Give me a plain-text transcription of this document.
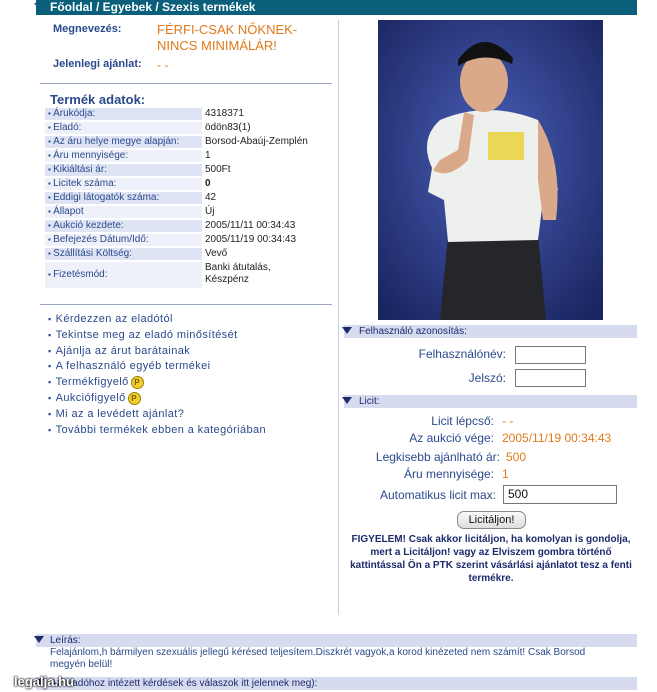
Főoldal / Egyebek / Szexis termékek
Megnevezés:	FÉRFI-CSAK NŐKNEK-
NINCS MINIMÁLÁR!
Jelenlegi ajánlat: - -
Termék adatok:
▪ Árukódja:	4318371
▪ Eladó:	ödön83(1)
▪ Az áru helye megye alapján:	Borsod-Abaúj-Zemplén
▪ Áru mennyisége:	1
▪ Kikiáltási ár:	500Ft
▪ Licitek száma:	0
▪ Eddigi látogatók száma:	42
▪ Állapot	Új
▪ Aukció kezdete:	2005/11/11 00:34:43
▪ Befejezés Dátum/Idő:	2005/11/19 00:34:43
▪ Szállítási Költség:	Vevő
▪ Fizetésmód:	Banki átutalás,
Készpénz
▪ Kérdezzen az eladótól
▪ Tekintse meg az eladó minősítését
▪ Ajánlja az árut barátainak
▪ A felhasználó egyéb termékei
▪ Termékfigyelő P
▪ Aukciófigyelő P
▪ Mi az a levédett ajánlat?
▪ További termékek ebben a kategóriában
Felhasználó azonosítás:
Felhasználónév:
Jelszó:
Licit:
Licit lépcső: - -
Az aukció vége: 2005/11/19 00:34:43
Legkisebb ajánlható ár: 500
Áru mennyisége: 1
Automatikus licit max:	500
Licitáljon!
FIGYELEM! Csak akkor licitáljon, ha komolyan is gondolja, mert a Licitáljon! vagy az Elviszem gombra történő kattintással Ön a PTK szerint vásárlási ajánlatot tesz a fenti termékre.
Leírás:
Felajánlom,h bármilyen szexuális jellegű kérésed teljesítem.Diszkrét vagyok,a korod kinézeted nem számít! Csak Borsod megyén belül!
Az eladóhoz intézett kérdések és válaszok itt jelennek meg):
legalja.hu
